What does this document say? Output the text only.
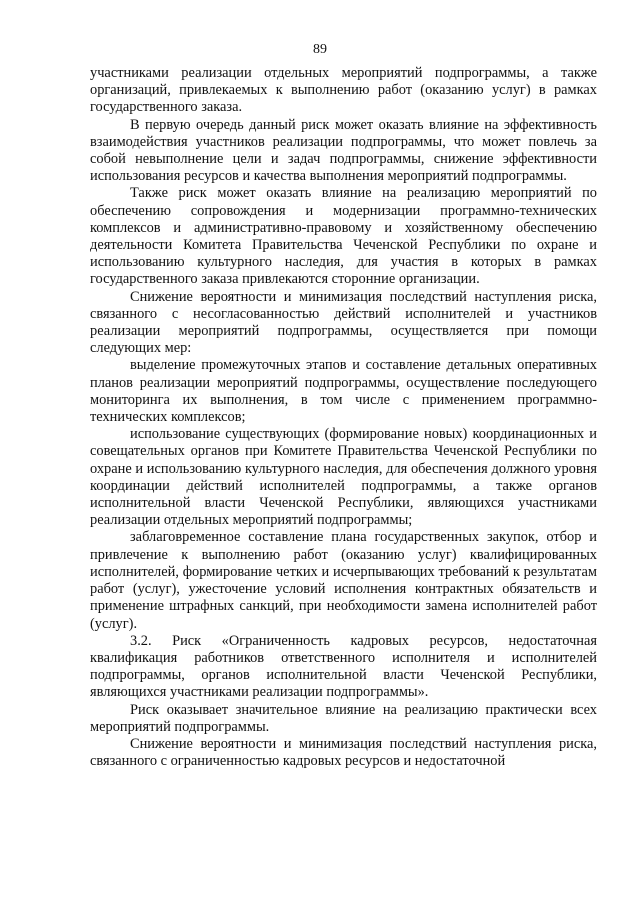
89

участниками реализации отдельных мероприятий подпрограммы, а также организаций, привлекаемых к выполнению работ (оказанию услуг) в рамках государственного заказа.

В первую очередь данный риск может оказать влияние на эффективность взаимодействия участников реализации подпрограммы, что может повлечь за собой невыполнение цели и задач подпрограммы, снижение эффективности использования ресурсов и качества выполнения мероприятий подпрограммы.

Также риск может оказать влияние на реализацию мероприятий по обеспечению сопровождения и модернизации программно-технических комплексов и административно-правовому и хозяйственному обеспечению деятельности Комитета Правительства Чеченской Республики по охране и использованию культурного наследия, для участия в которых в рамках государственного заказа привлекаются сторонние организации.

Снижение вероятности и минимизация последствий наступления риска, связанного с несогласованностью действий исполнителей и участников реализации мероприятий подпрограммы, осуществляется при помощи следующих мер:

выделение промежуточных этапов и составление детальных оперативных планов реализации мероприятий подпрограммы, осуществление последующего мониторинга их выполнения, в том числе с применением программно-технических комплексов;

использование существующих (формирование новых) координационных и совещательных органов при Комитете Правительства Чеченской Республики по охране и использованию культурного наследия, для обеспечения должного уровня координации действий исполнителей подпрограммы, а также органов исполнительной власти Чеченской Республики, являющихся участниками реализации отдельных мероприятий подпрограммы;

заблаговременное составление плана государственных закупок, отбор и привлечение к выполнению работ (оказанию услуг) квалифицированных исполнителей, формирование четких и исчерпывающих требований к результатам работ (услуг), ужесточение условий исполнения контрактных обязательств и применение штрафных санкций, при необходимости замена исполнителей работ (услуг).

3.2. Риск «Ограниченность кадровых ресурсов, недостаточная квалификация работников ответственного исполнителя и исполнителей подпрограммы, органов исполнительной власти Чеченской Республики, являющихся участниками реализации подпрограммы».

Риск оказывает значительное влияние на реализацию практически всех мероприятий подпрограммы.

Снижение вероятности и минимизация последствий наступления риска, связанного с ограниченностью кадровых ресурсов и недостаточной
